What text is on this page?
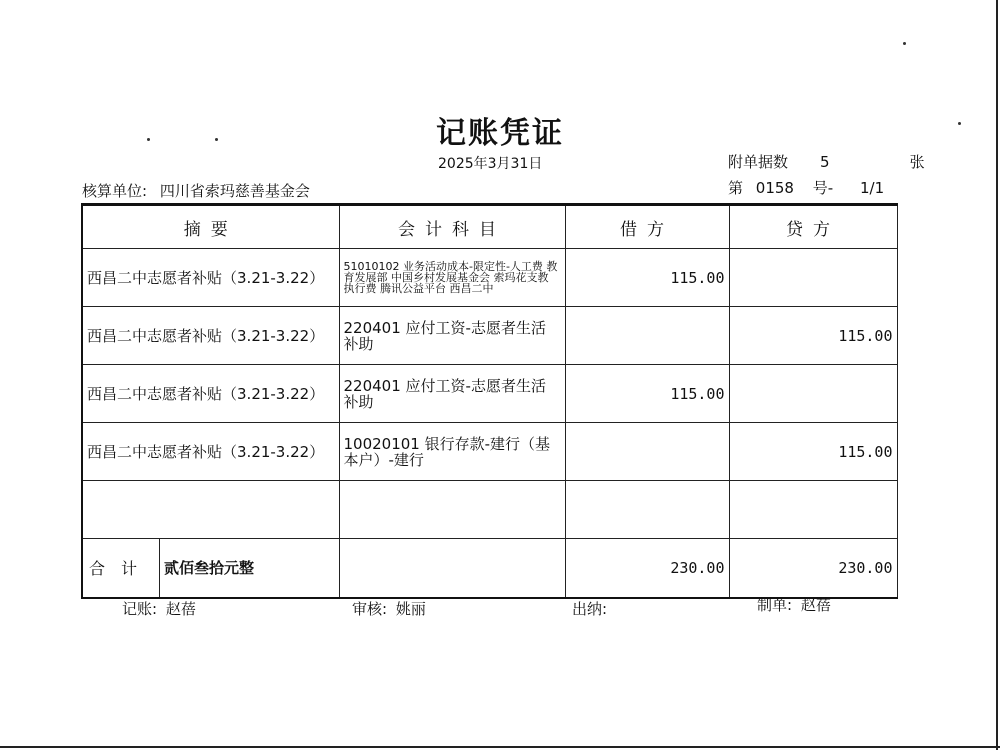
记账凭证
2025年3月31日	附单据数 5	张
核算单位: 四川省索玛慈善基金会	第 0158 号- 1/1
摘要	会计科目	借方	贷方
西昌二中志愿者补贴（3.21-3.22）	51010102 业务活动成本-限定性-人工费 教育发展部 中国乡村发展基金会 索玛花支教 执行费 腾讯公益平台 西昌二中	115.00	
西昌二中志愿者补贴（3.21-3.22）	220401 应付工资-志愿者生活补助		115.00
西昌二中志愿者补贴（3.21-3.22）	220401 应付工资-志愿者生活补助	115.00	
西昌二中志愿者补贴（3.21-3.22）	10020101 银行存款-建行（基本户）-建行		115.00

合计 贰佰叁拾元整		230.00	230.00
记账: 赵蓓	审核: 姚丽	出纳:	制单: 赵蓓
